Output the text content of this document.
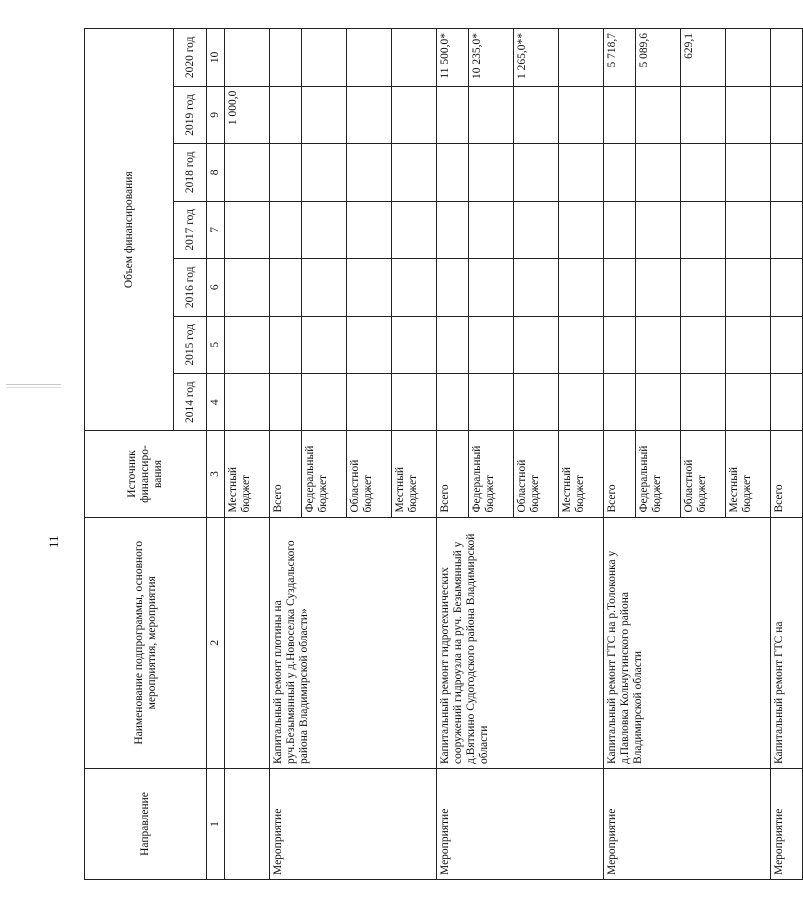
11
Направление	Наименование подпрограммы, основного мероприятия, мероприятия	Источник финансиро-вания	Объем финансирования						
			2014 год	2015 год	2016 год	2017 год	2018 год	2019 год	2020 год
1	2	3	4	5	6	7	8	9	10
		Местный бюджет						1 000,0	
Мероприятие	Капитальный ремонт плотины на руч.Безымянный у д.Новоселка Суздальского района Владимирской области»	Всего							
		Федеральный бюджет							
		Областной бюджет							
		Местный бюджет							
Мероприятие	Капитальный ремонт гидротехнических сооружений гидроузла на руч. Безымянный у д.Вяткино Судогодского района Владимирской области	Всего							11 500,0*
		Федеральный бюджет							10 235,0*
		Областной бюджет							1 265,0**
		Местный бюджет							
Мероприятие	Капитальный ремонт ГТС на р.Толоконка у д.Павловка Кольчугинского района Владимирской области	Всего							5 718,7
		Федеральный бюджет							5 089,6
		Областной бюджет							629,1
		Местный бюджет							
Мероприятие	Капитальный ремонт ГТС на	Всего							
